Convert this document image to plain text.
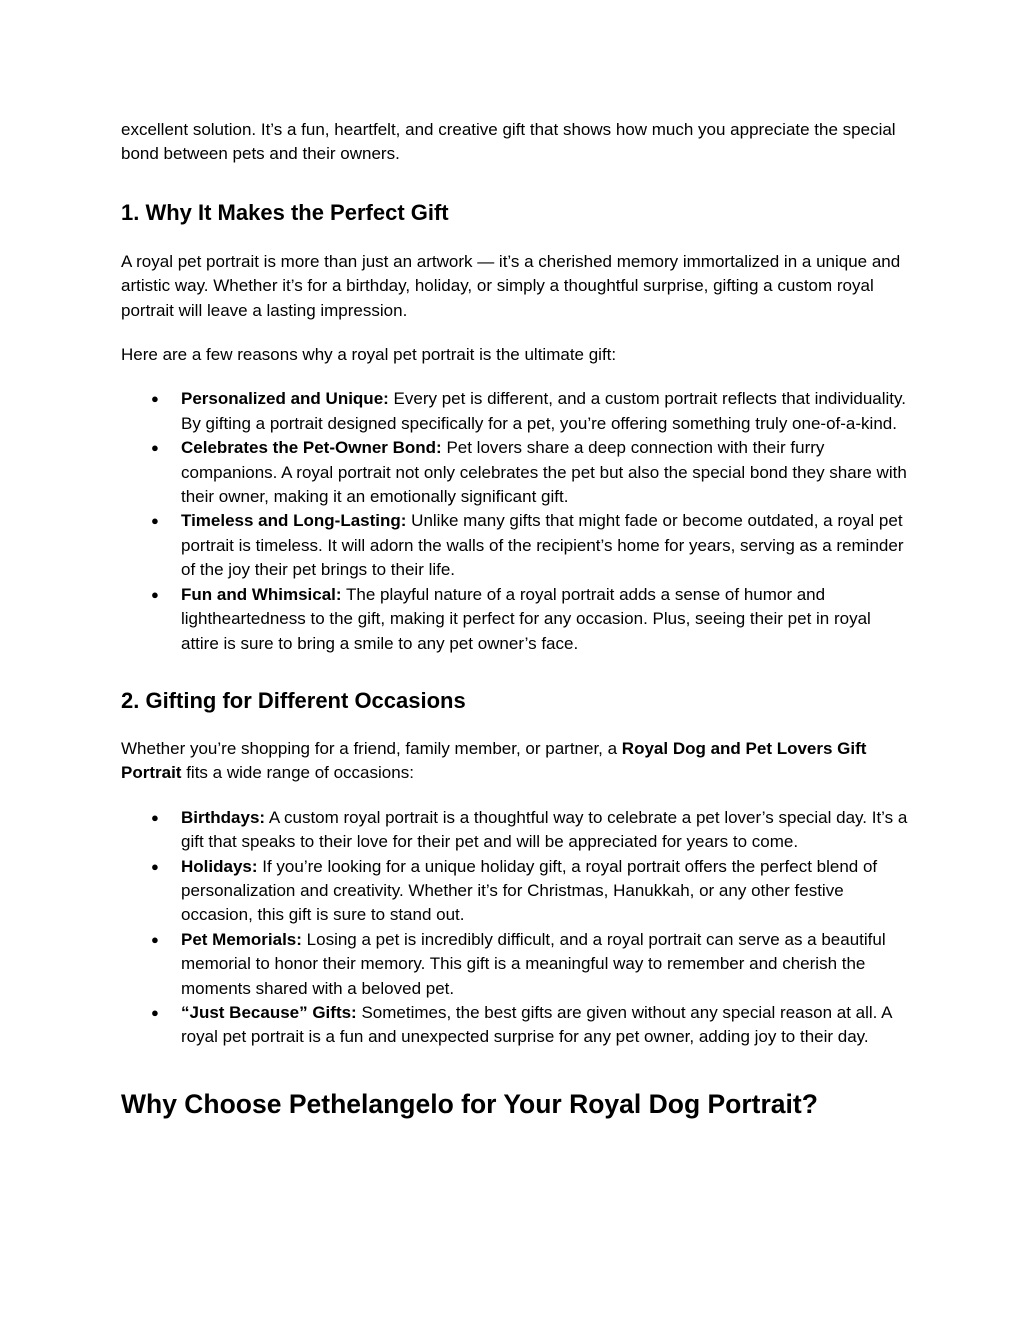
excellent solution. It’s a fun, heartfelt, and creative gift that shows how much you appreciate the special bond between pets and their owners.

1. Why It Makes the Perfect Gift

A royal pet portrait is more than just an artwork — it’s a cherished memory immortalized in a unique and artistic way. Whether it’s for a birthday, holiday, or simply a thoughtful surprise, gifting a custom royal portrait will leave a lasting impression.

Here are a few reasons why a royal pet portrait is the ultimate gift:

● Personalized and Unique: Every pet is different, and a custom portrait reflects that individuality. By gifting a portrait designed specifically for a pet, you’re offering something truly one-of-a-kind.
● Celebrates the Pet-Owner Bond: Pet lovers share a deep connection with their furry companions. A royal portrait not only celebrates the pet but also the special bond they share with their owner, making it an emotionally significant gift.
● Timeless and Long-Lasting: Unlike many gifts that might fade or become outdated, a royal pet portrait is timeless. It will adorn the walls of the recipient’s home for years, serving as a reminder of the joy their pet brings to their life.
● Fun and Whimsical: The playful nature of a royal portrait adds a sense of humor and lightheartedness to the gift, making it perfect for any occasion. Plus, seeing their pet in royal attire is sure to bring a smile to any pet owner’s face.
2. Gifting for Different Occasions

Whether you’re shopping for a friend, family member, or partner, a Royal Dog and Pet Lovers Gift Portrait fits a wide range of occasions:

● Birthdays: A custom royal portrait is a thoughtful way to celebrate a pet lover’s special day. It’s a gift that speaks to their love for their pet and will be appreciated for years to come.
● Holidays: If you’re looking for a unique holiday gift, a royal portrait offers the perfect blend of personalization and creativity. Whether it’s for Christmas, Hanukkah, or any other festive occasion, this gift is sure to stand out.
● Pet Memorials: Losing a pet is incredibly difficult, and a royal portrait can serve as a beautiful memorial to honor their memory. This gift is a meaningful way to remember and cherish the moments shared with a beloved pet.
● “Just Because” Gifts: Sometimes, the best gifts are given without any special reason at all. A royal pet portrait is a fun and unexpected surprise for any pet owner, adding joy to their day.
Why Choose Pethelangelo for Your Royal Dog Portrait?
